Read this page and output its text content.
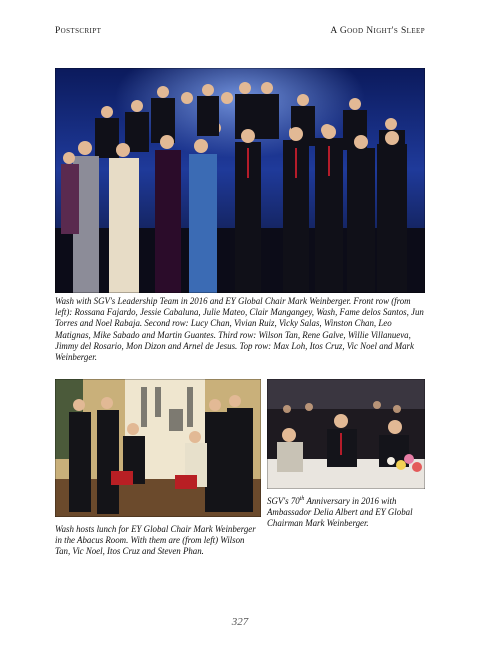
Postscript	A Good Night's Sleep
Wash with SGV's Leadership Team in 2016 and EY Global Chair Mark Weinberger. Front row (from left): Rossana Fajardo, Jessie Cabaluna, Julie Mateo, Clair Mangangey, Wash, Fame delos Santos, Jun Torres and Noel Rabaja. Second row: Lucy Chan, Vivian Ruiz, Vicky Salas, Winston Chan, Leo Matignas, Mike Sabado and Martin Guantes. Third row: Wilson Tan, Rene Galve, Willie Villanueva, Jimmy del Rosario, Mon Dizon and Arnel de Jesus. Top row: Max Loh, Itos Cruz, Vic Noel and Mark Weinberger.
Wash hosts lunch for EY Global Chair Mark Weinberger in the Abacus Room. With them are (from left) Wilson Tan, Vic Noel, Itos Cruz and Steven Phan.
SGV's 70th Anniversary in 2016 with Ambassador Delia Albert and EY Global Chairman Mark Weinberger.
327
